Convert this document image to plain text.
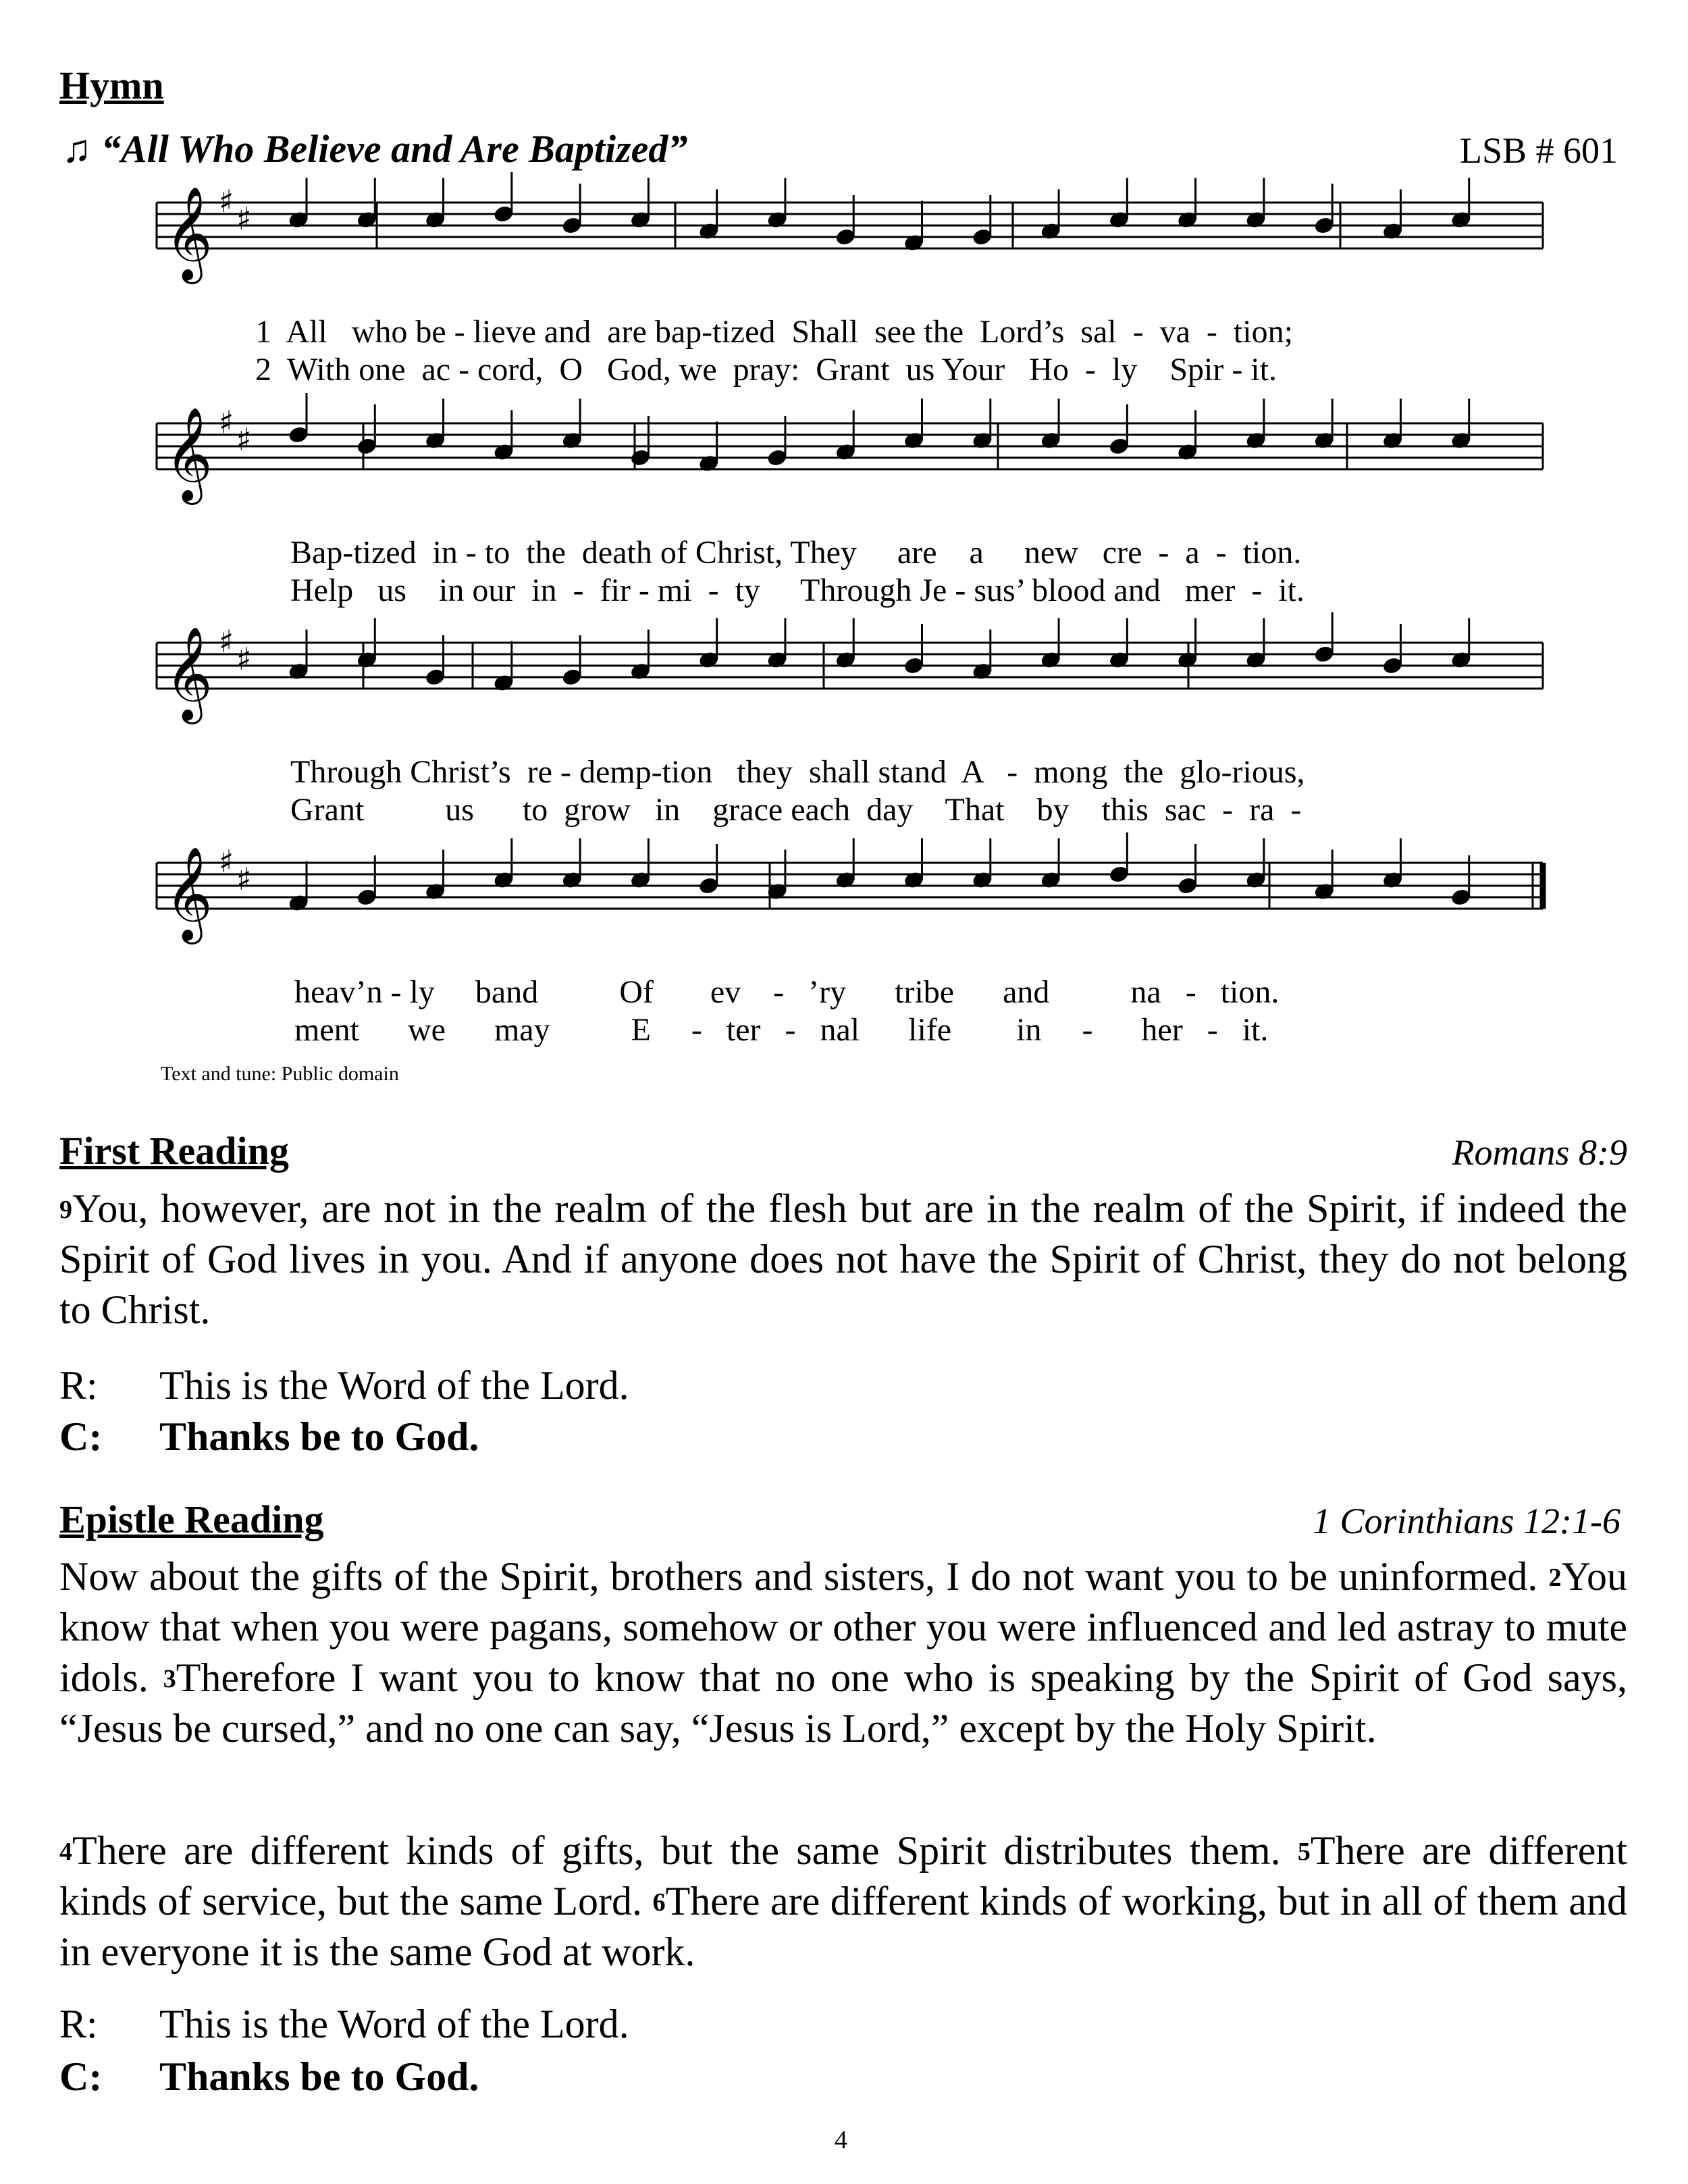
Hymn
♫ “All Who Believe and Are Baptized”	LSB # 601
𝄞 ♯ ♯
𝄞 ♯ ♯
𝄞 ♯ ♯
𝄞 ♯ ♯
1  All   who be - lieve and  are bap-tized  Shall  see the  Lord’s  sal  -  va  -  tion;
2  With one  ac - cord,  O   God, we  pray:  Grant  us Your   Ho  -  ly    Spir - it.
Bap-tized  in - to  the  death of Christ, They     are    a     new   cre  -  a  -  tion.
Help   us    in our  in  -  fir - mi  -  ty     Through Je - sus’ blood and   mer  -  it.
Through Christ’s  re - demp-tion   they  shall stand  A   -  mong  the  glo-rious,
Grant          us      to  grow   in    grace each  day    That    by    this  sac  -  ra  -
heav’n - ly     band          Of       ev    -   ’ry      tribe      and          na   -   tion.
ment      we      may          E     -   ter   -   nal      life        in     -      her   -   it.
Text and tune: Public domain
First Reading	Romans 8:9
$^9$You, however, are not in the realm of the flesh but are in the realm of the Spirit, if indeed the Spirit of God lives in you. And if anyone does not have the Spirit of Christ, they do not belong to Christ.
R: This is the Word of the Lord.
C: Thanks be to God.
Epistle Reading	1 Corinthians 12:1-6
Now about the gifts of the Spirit, brothers and sisters, I do not want you to be uninformed. $^2$You know that when you were pagans, somehow or other you were influenced and led astray to mute idols. $^3$Therefore I want you to know that no one who is speaking by the Spirit of God says, “Jesus be cursed,” and no one can say, “Jesus is Lord,” except by the Holy Spirit.
$^4$There are different kinds of gifts, but the same Spirit distributes them. $^5$There are different kinds of service, but the same Lord. $^6$There are different kinds of working, but in all of them and in everyone it is the same God at work.
R: This is the Word of the Lord.
C: Thanks be to God.
4
